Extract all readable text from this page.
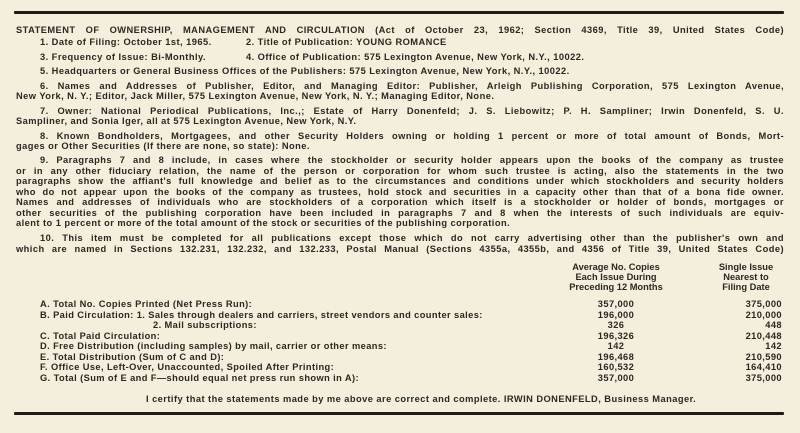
STATEMENT OF OWNERSHIP, MANAGEMENT AND CIRCULATION (Act of October 23, 1962; Section 4369, Title 39, United States Code)
1. Date of Filing: October 1st, 1965.	2. Title of Publication: YOUNG ROMANCE
3. Frequency of Issue: Bi-Monthly.	4. Office of Publication: 575 Lexington Avenue, New York, N.Y., 10022.
5. Headquarters or General Business Offices of the Publishers: 575 Lexington Avenue, New York, N.Y., 10022.
6. Names and Addresses of Publisher, Editor, and Managing Editor: Publisher, Arleigh Publishing Corporation, 575 Lexington Avenue,
New York, N. Y.; Editor, Jack Miller, 575 Lexington Avenue, New York, N. Y.; Managing Editor, None.
7. Owner: National Periodical Publications, Inc.,; Estate of Harry Donenfeld; J. S. Liebowitz; P. H. Sampliner; Irwin Donenfeld, S. U.
Sampliner, and Sonia Iger, all at 575 Lexington Avenue, New York, N.Y.
8. Known Bondholders, Mortgagees, and other Security Holders owning or holding 1 percent or more of total amount of Bonds, Mort-
gages or Other Securities (If there are none, so state): None.
9. Paragraphs 7 and 8 include, in cases where the stockholder or security holder appears upon the books of the company as trustee
or in any other fiduciary relation, the name of the person or corporation for whom such trustee is acting, also the statements in the two
paragraphs show the affiant's full knowledge and belief as to the circumstances and conditions under which stockholders and security holders
who do not appear upon the books of the company as trustees, hold stock and securities in a capacity other than that of a bona fide owner.
Names and addresses of individuals who are stockholders of a corporation which itself is a stockholder or holder of bonds, mortgages or
other securities of the publishing corporation have been included in paragraphs 7 and 8 when the interests of such individuals are equiv-
alent to 1 percent or more of the total amount of the stock or securities of the publishing corporation.
10. This item must be completed for all publications except those which do not carry advertising other than the publisher's own and
which are named in Sections 132.231, 132.232, and 132.233, Postal Manual (Sections 4355a, 4355b, and 4356 of Title 39, United States Code)
Average No. Copies
Each Issue During
Preceding 12 Months
Single Issue
Nearest to
Filing Date
A. Total No. Copies Printed (Net Press Run):	357,000	375,000
B. Paid Circulation: 1. Sales through dealers and carriers, street vendors and counter sales:	196,000	210,000
2. Mail subscriptions:	326	448
C. Total Paid Circulation:	196,326	210,448
D. Free Distribution (including samples) by mail, carrier or other means:	142	142
E. Total Distribution (Sum of C and D):	196,468	210,590
F. Office Use, Left-Over, Unaccounted, Spoiled After Printing:	160,532	164,410
G. Total (Sum of E and F—should equal net press run shown in A):	357,000	375,000
I certify that the statements made by me above are correct and complete. IRWIN DONENFELD, Business Manager.
